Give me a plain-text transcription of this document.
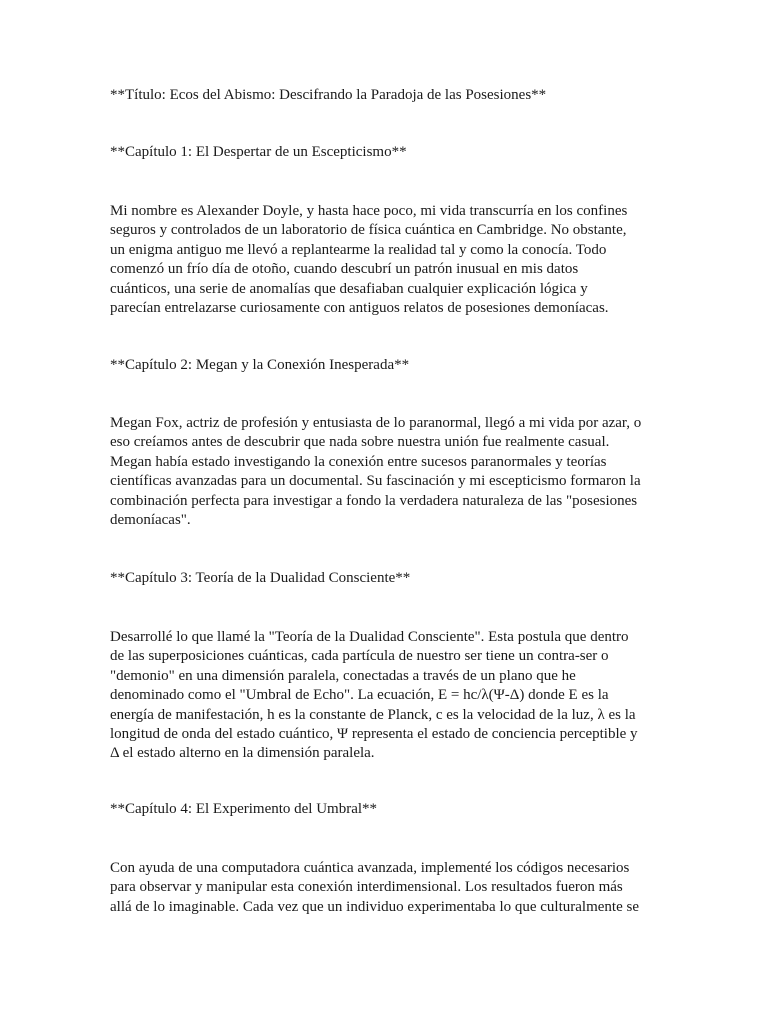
**Título: Ecos del Abismo: Descifrando la Paradoja de las Posesiones**
**Capítulo 1: El Despertar de un Escepticismo**
Mi nombre es Alexander Doyle, y hasta hace poco, mi vida transcurría en los confines
seguros y controlados de un laboratorio de física cuántica en Cambridge. No obstante,
un enigma antiguo me llevó a replantearme la realidad tal y como la conocía. Todo
comenzó un frío día de otoño, cuando descubrí un patrón inusual en mis datos
cuánticos, una serie de anomalías que desafiaban cualquier explicación lógica y
parecían entrelazarse curiosamente con antiguos relatos de posesiones demoníacas.
**Capítulo 2: Megan y la Conexión Inesperada**
Megan Fox, actriz de profesión y entusiasta de lo paranormal, llegó a mi vida por azar, o
eso creíamos antes de descubrir que nada sobre nuestra unión fue realmente casual.
Megan había estado investigando la conexión entre sucesos paranormales y teorías
científicas avanzadas para un documental. Su fascinación y mi escepticismo formaron la
combinación perfecta para investigar a fondo la verdadera naturaleza de las "posesiones
demoníacas".
**Capítulo 3: Teoría de la Dualidad Consciente**
Desarrollé lo que llamé la "Teoría de la Dualidad Consciente". Esta postula que dentro
de las superposiciones cuánticas, cada partícula de nuestro ser tiene un contra-ser o
"demonio" en una dimensión paralela, conectadas a través de un plano que he
denominado como el "Umbral de Echo". La ecuación, E = hc/λ(Ψ-Δ) donde E es la
energía de manifestación, h es la constante de Planck, c es la velocidad de la luz, λ es la
longitud de onda del estado cuántico, Ψ representa el estado de conciencia perceptible y
Δ el estado alterno en la dimensión paralela.
**Capítulo 4: El Experimento del Umbral**
Con ayuda de una computadora cuántica avanzada, implementé los códigos necesarios
para observar y manipular esta conexión interdimensional. Los resultados fueron más
allá de lo imaginable. Cada vez que un individuo experimentaba lo que culturalmente se
